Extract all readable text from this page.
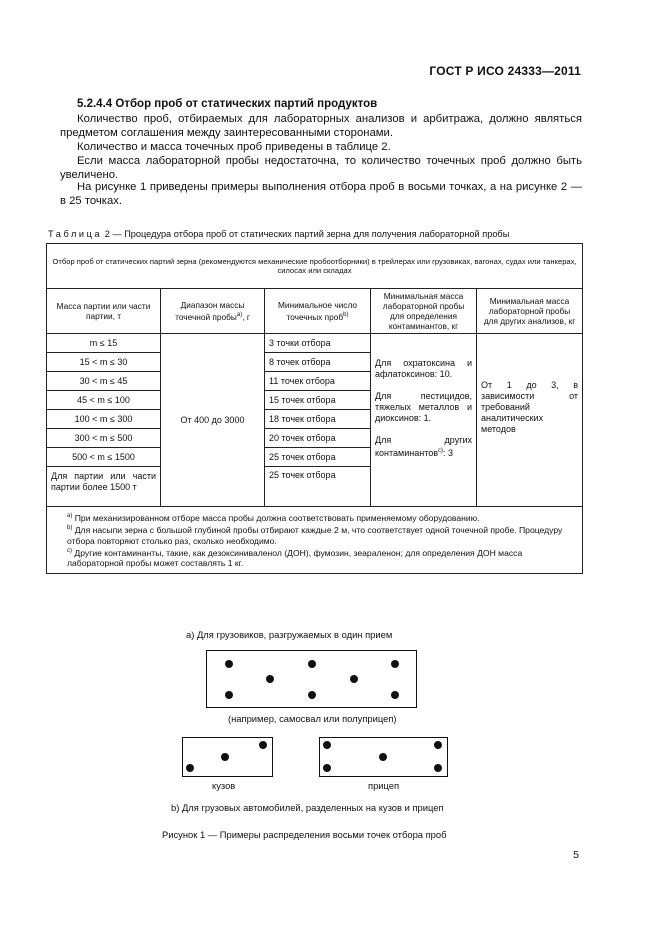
ГОСТ Р ИСО 24333—2011
5.2.4.4 Отбор проб от статических партий продуктов
Количество проб, отбираемых для лабораторных анализов и арбитража, должно являться предметом соглашения между заинтересованными сторонами.
Количество и масса точечных проб приведены в таблице 2.
Если масса лабораторной пробы недостаточна, то количество точечных проб должно быть увеличено.
На рисунке 1 приведены примеры выполнения отбора проб в восьми точках, а на рисунке 2 — в 25 точках.
Таблица 2 — Процедура отбора проб от статических партий зерна для получения лабораторной пробы
Отбор проб от статических партий зерна (рекомендуются механические пробоотборники) в трейлерах или грузовиках, вагонах, судах или танкерах, силосах или складах				
Масса партии или части партии, т	Диапазон массы точечной пробы$^{а)}$, г	Минимальное число точечных проб$^{b)}$	Минимальная масса лабораторной пробы для определения контаминантов, кг	Минимальная масса лабораторной пробы для других анализов, кг
m ≤ 15	От 400 до 3000	3 точки отбора	Для охратоксина и афлатоксинов: 10.
Для пестицидов, тяжелых металлов и диоксинов: 1.
Для других контаминантов$^{с)}$: 3	От 1 до 3, в зависимости от требований аналитических методов
15 < m ≤ 30		8 точек отбора		
30 < m ≤ 45		11 точек отбора		
45 < m ≤ 100		15 точек отбора		
100 < m ≤ 300		18 точек отбора		
300 < m ≤ 500		20 точек отбора		
500 < m ≤ 1500		25 точек отбора		
Для партии или части партии более 1500 т		25 точек отбора		

$^{а)}$ При механизированном отборе масса пробы должна соответствовать применяемому оборудованию.
$^{b)}$ Для насыпи зерна с большой глубиной пробы отбирают каждые 2 м, что соответствует одной точечной пробе. Процедуру отбора повторяют столько раз, сколько необходимо.
$^{с)}$ Другие контаминанты, такие, как дезоксиниваленол (ДОН), фумозин, зеараленон; для определения ДОН масса лабораторной пробы может составлять 1 кг.				
а) Для грузовиков, разгружаемых в один прием
(например, самосвал или полуприцеп)
кузов	прицеп
b) Для грузовых автомобилей, разделенных на кузов и прицеп
Рисунок 1 — Примеры распределения восьми точек отбора проб
5
